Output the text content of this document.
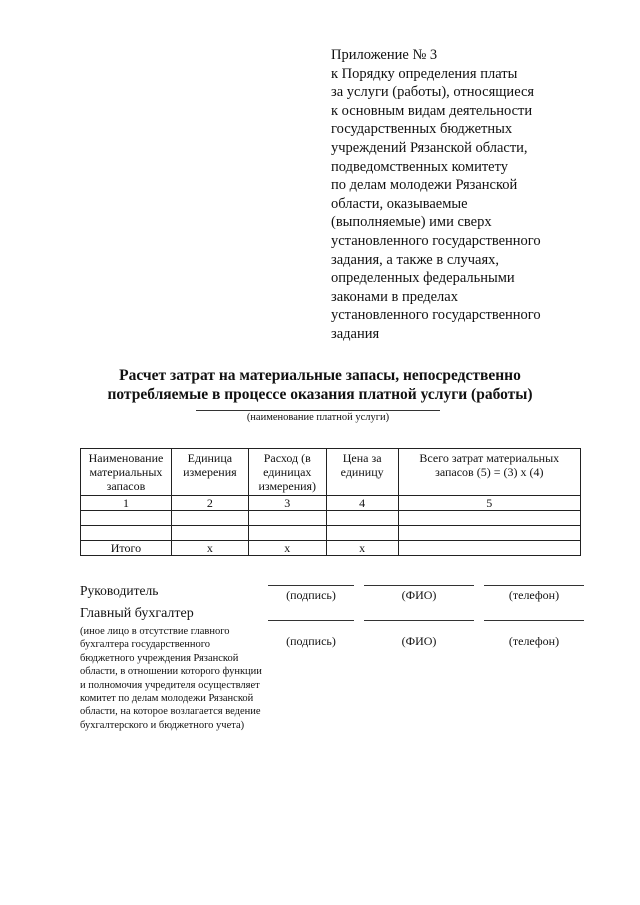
Приложение № 3
к Порядку определения платы
за услуги (работы), относящиеся
к основным видам деятельности
государственных бюджетных
учреждений Рязанской области,
подведомственных комитету
по делам молодежи Рязанской
области, оказываемые
(выполняемые) ими сверх
установленного государственного
задания, а также в случаях,
определенных федеральными
законами в пределах
установленного государственного
задания
Расчет затрат на материальные запасы, непосредственно
потребляемые в процессе оказания платной услуги (работы)
(наименование платной услуги)
Наименование материальных запасов	Единица измерения	Расход (в единицах измерения)	Цена за единицу	Всего затрат материальных запасов (5) = (3) x (4)
1	2	3	4	5

Итого	x	x	x	
Руководитель	(подпись)	(ФИО)	(телефон)
Главный бухгалтер
(подпись)	(ФИО)	(телефон)
(иное лицо в отсутствие главного бухгалтера государственного бюджетного учреждения Рязанской области, в отношении которого функции и полномочия учредителя осуществляет комитет по делам молодежи Рязанской области, на которое возлагается ведение бухгалтерского и бюджетного учета)
